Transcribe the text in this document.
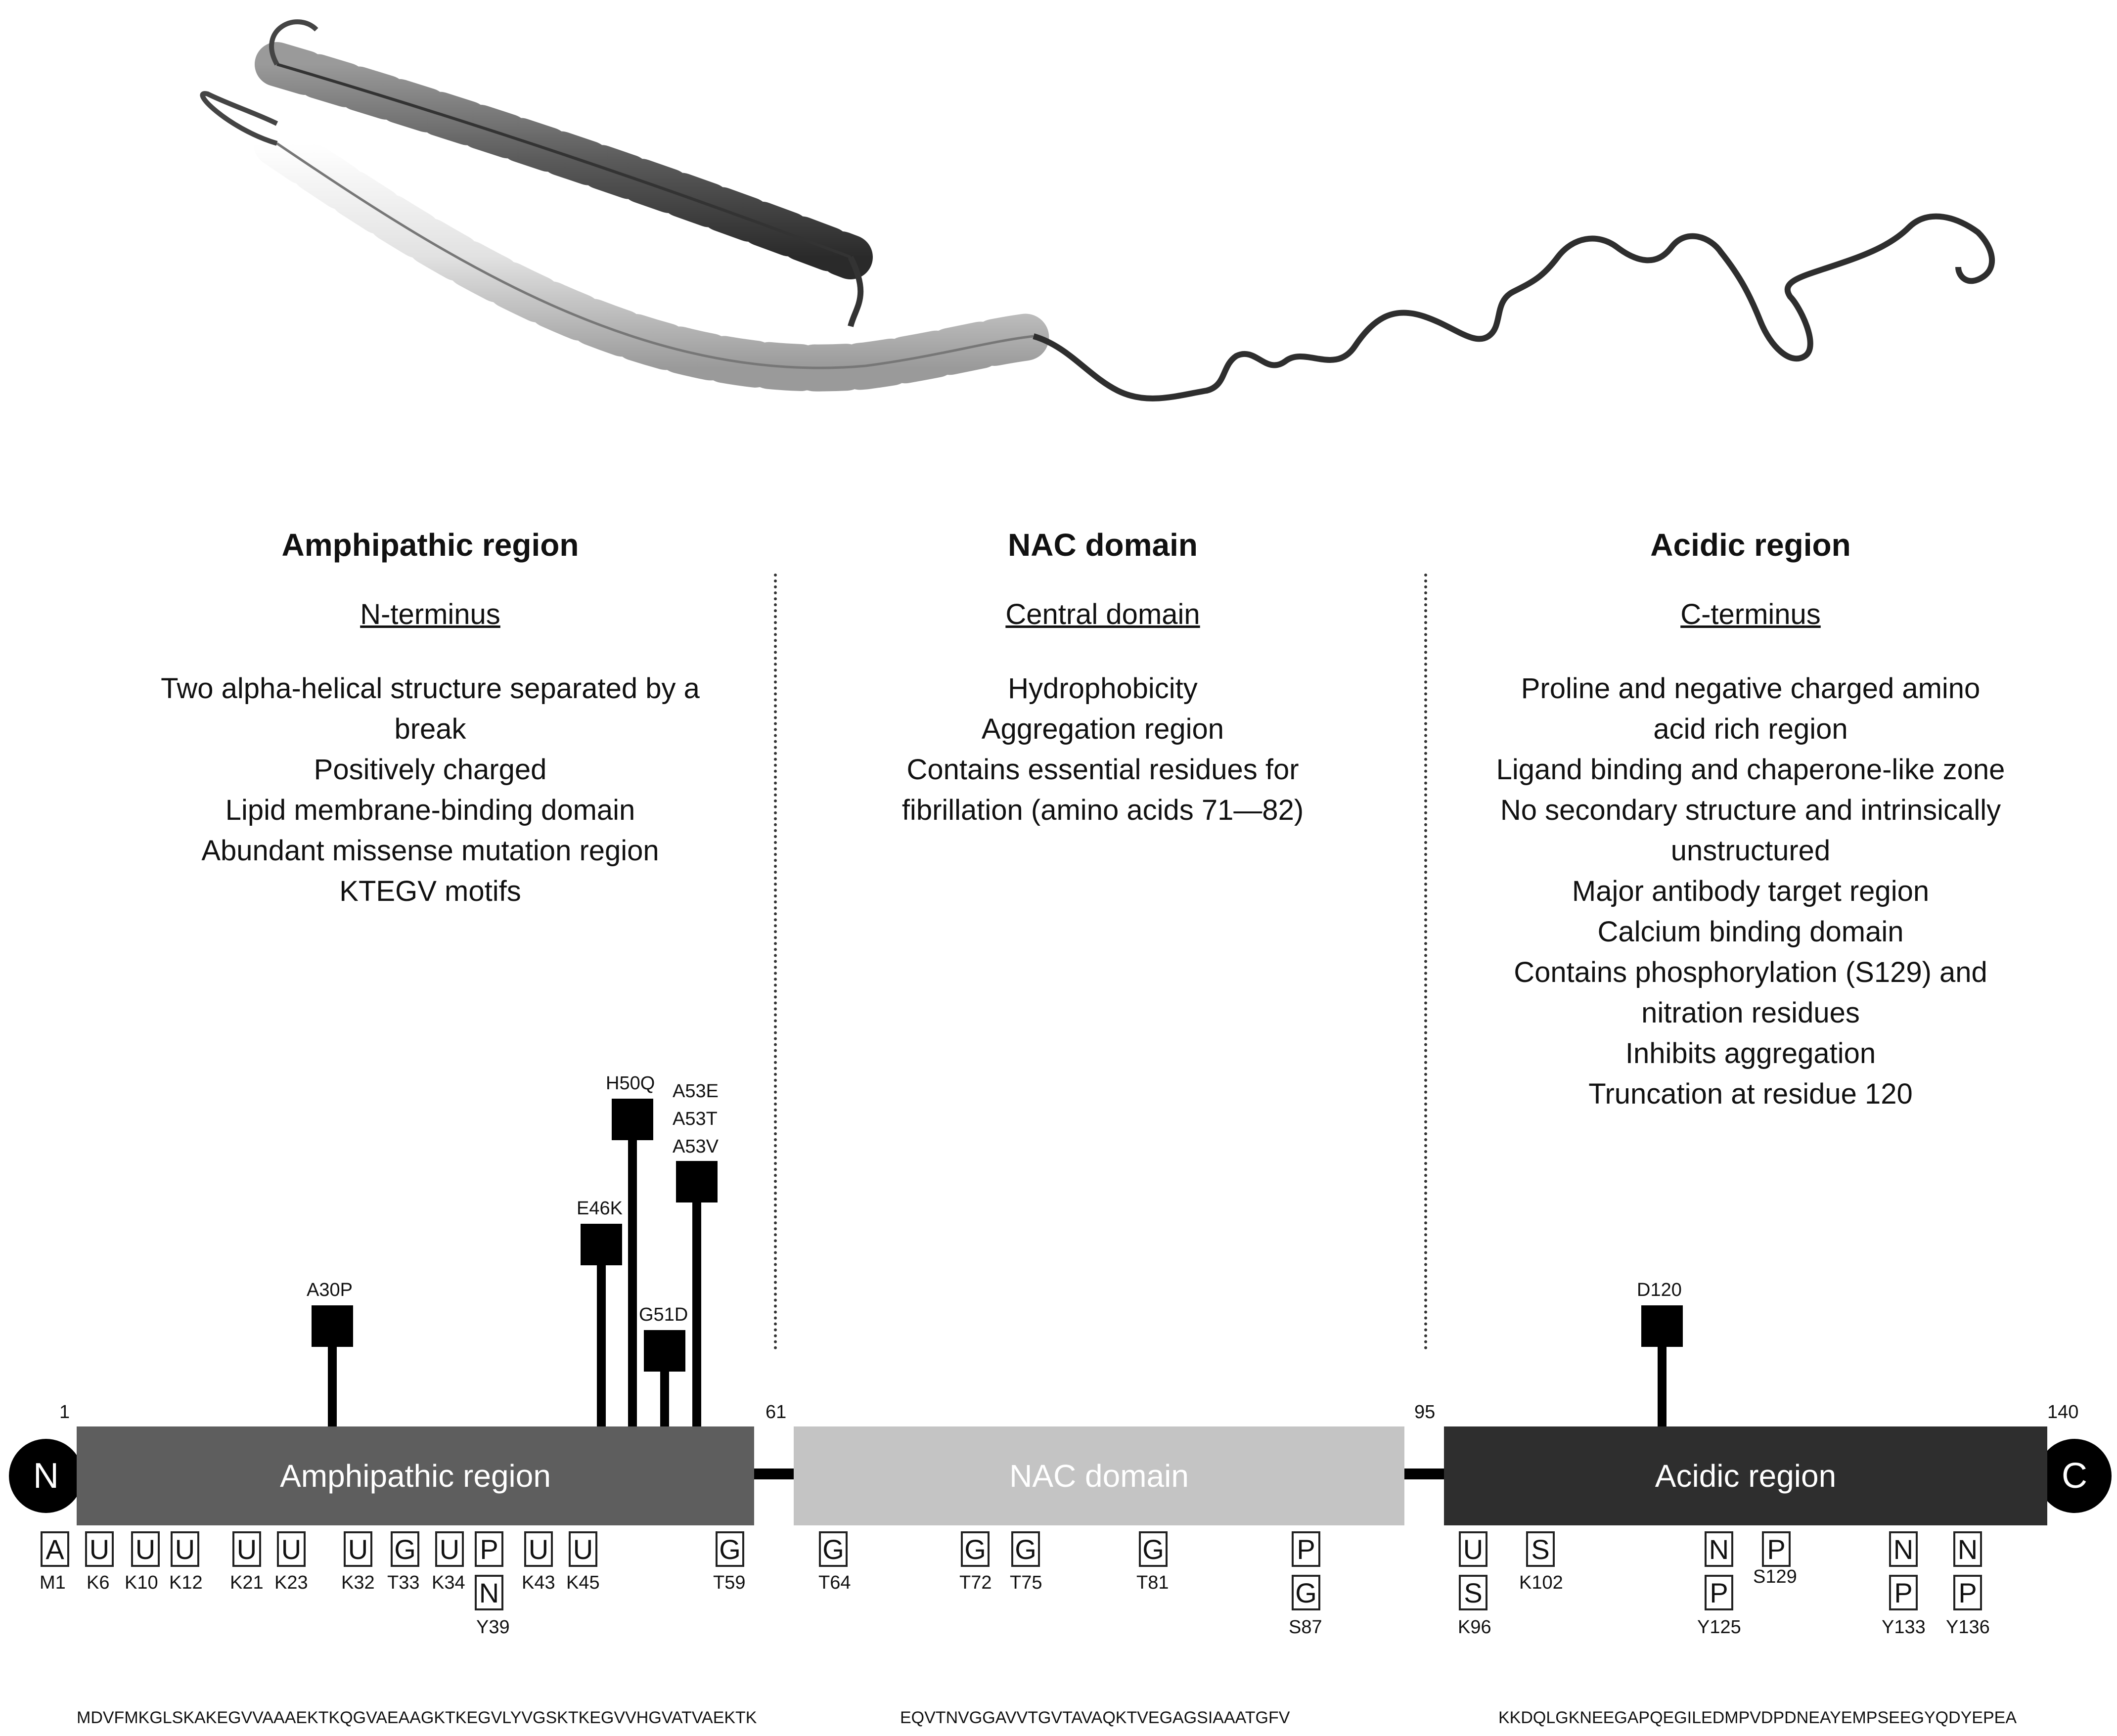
Amphipathic region
N-terminus
Two alpha-helical structure separated by a
break
Positively charged
Lipid membrane-binding domain
Abundant missense mutation region
KTEGV motifs
NAC domain
Central domain
Hydrophobicity
Aggregation region
Contains essential residues for
fibrillation (amino acids 71—82)
Acidic region
C-terminus
Proline and negative charged amino
acid rich region
Ligand binding and chaperone-like zone
No secondary structure and intrinsically
unstructured
Major antibody target region
Calcium binding domain
Contains phosphorylation (S129) and
nitration residues
Inhibits aggregation
Truncation at residue 120
A30P
E46K
H50Q
G51D
A53E
A53T
A53V
D120
N	C
Amphipathic region	NAC domain	Acidic region
1	61	95	140
A U U U U U U G U P
N
U U	G	G	G G	G	P
G
U
S
S	N
P
P	N
P
N
P
M1 K6 K10 K12 K21 K23 K32 T33 K34
Y39
K43 K45	T59	T64	T72 T75	T81
S87	K96
K102
Y125
S129
Y133 Y136
MDVFMKGLSKAKEGVVAAAEKTKQGVAEAAGKTKEGVLYVGSKTKEGVVHGVATVAEKTK	EQVTNVGGAVVTGVTAVAQKTVEGAGSIAAATGFV	KKDQLGKNEEGAPQEGILEDMPVDPDNEAYEMPSEEGYQDYEPEA
